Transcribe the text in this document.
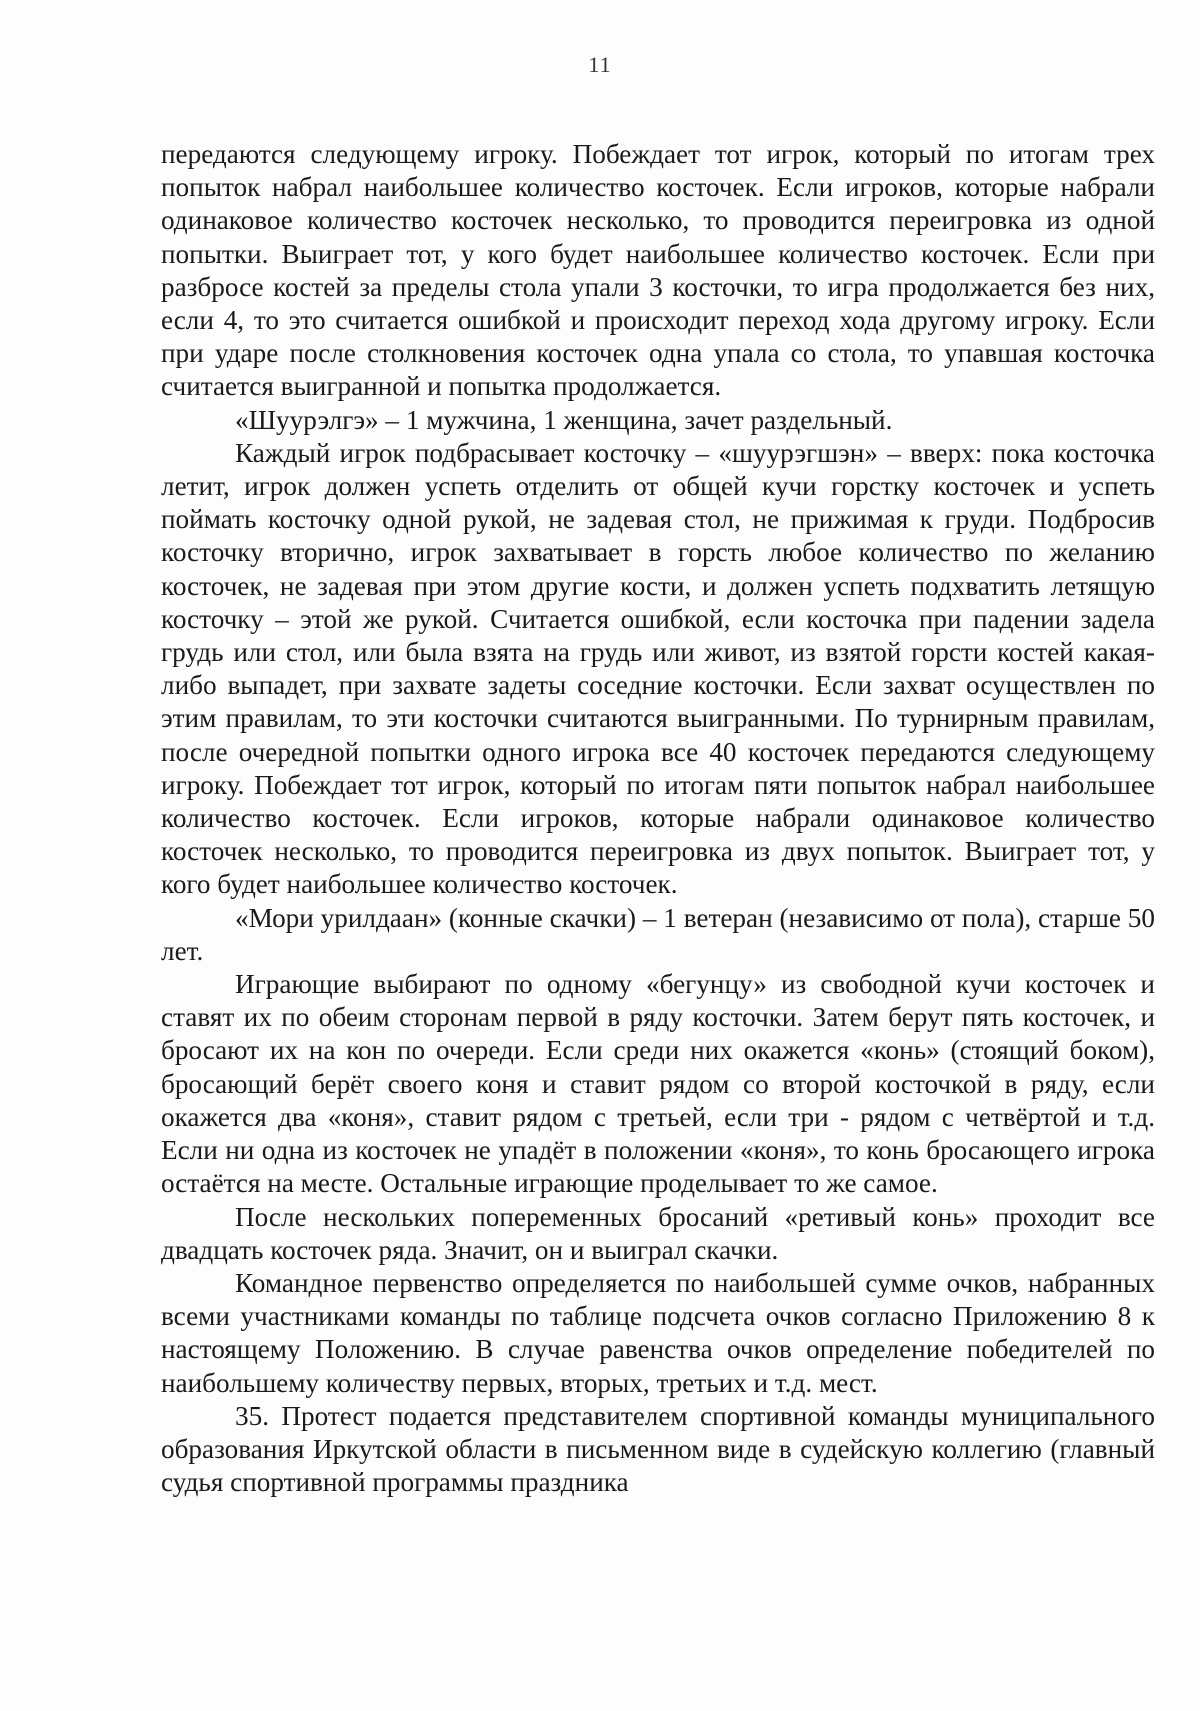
11

передаются следующему игроку. Побеждает тот игрок, который по итогам трех попыток набрал наибольшее количество косточек. Если игроков, которые набрали одинаковое количество косточек несколько, то проводится переигровка из одной попытки. Выиграет тот, у кого будет наибольшее количество косточек. Если при разбросе костей за пределы стола упали 3 косточки, то игра продолжается без них, если 4, то это считается ошибкой и происходит переход хода другому игроку. Если при ударе после столкновения косточек одна упала со стола, то упавшая косточка считается выигранной и попытка продолжается.

«Шуурэлгэ» – 1 мужчина, 1 женщина, зачет раздельный.

Каждый игрок подбрасывает косточку – «шуурэгшэн» – вверх: пока косточка летит, игрок должен успеть отделить от общей кучи горстку косточек и успеть поймать косточку одной рукой, не задевая стол, не прижимая к груди. Подбросив косточку вторично, игрок захватывает в горсть любое количество по желанию косточек, не задевая при этом другие кости, и должен успеть подхватить летящую косточку – этой же рукой. Считается ошибкой, если косточка при падении задела грудь или стол, или была взята на грудь или живот, из взятой горсти костей какая-либо выпадет, при захвате задеты соседние косточки. Если захват осуществлен по этим правилам, то эти косточки считаются выигранными. По турнирным правилам, после очередной попытки одного игрока все 40 косточек передаются следующему игроку. Побеждает тот игрок, который по итогам пяти попыток набрал наибольшее количество косточек. Если игроков, которые набрали одинаковое количество косточек несколько, то проводится переигровка из двух попыток. Выиграет тот, у кого будет наибольшее количество косточек.

«Мори урилдаан» (конные скачки) – 1 ветеран (независимо от пола), старше 50 лет.

Играющие выбирают по одному «бегунцу» из свободной кучи косточек и ставят их по обеим сторонам первой в ряду косточки. Затем берут пять косточек, и бросают их на кон по очереди. Если среди них окажется «конь» (стоящий боком), бросающий берёт своего коня и ставит рядом со второй косточкой в ряду, если окажется два «коня», ставит рядом с третьей, если три - рядом с четвёртой и т.д. Если ни одна из косточек не упадёт в положении «коня», то конь бросающего игрока остаётся на месте. Остальные играющие проделывает то же самое.

После нескольких попеременных бросаний «ретивый конь» проходит все двадцать косточек ряда. Значит, он и выиграл скачки.

Командное первенство определяется по наибольшей сумме очков, набранных всеми участниками команды по таблице подсчета очков согласно Приложению 8 к настоящему Положению. В случае равенства очков определение победителей по наибольшему количеству первых, вторых, третьих и т.д. мест.

35. Протест подается представителем спортивной команды муниципального образования Иркутской области в письменном виде в судейскую коллегию (главный судья спортивной программы праздника
